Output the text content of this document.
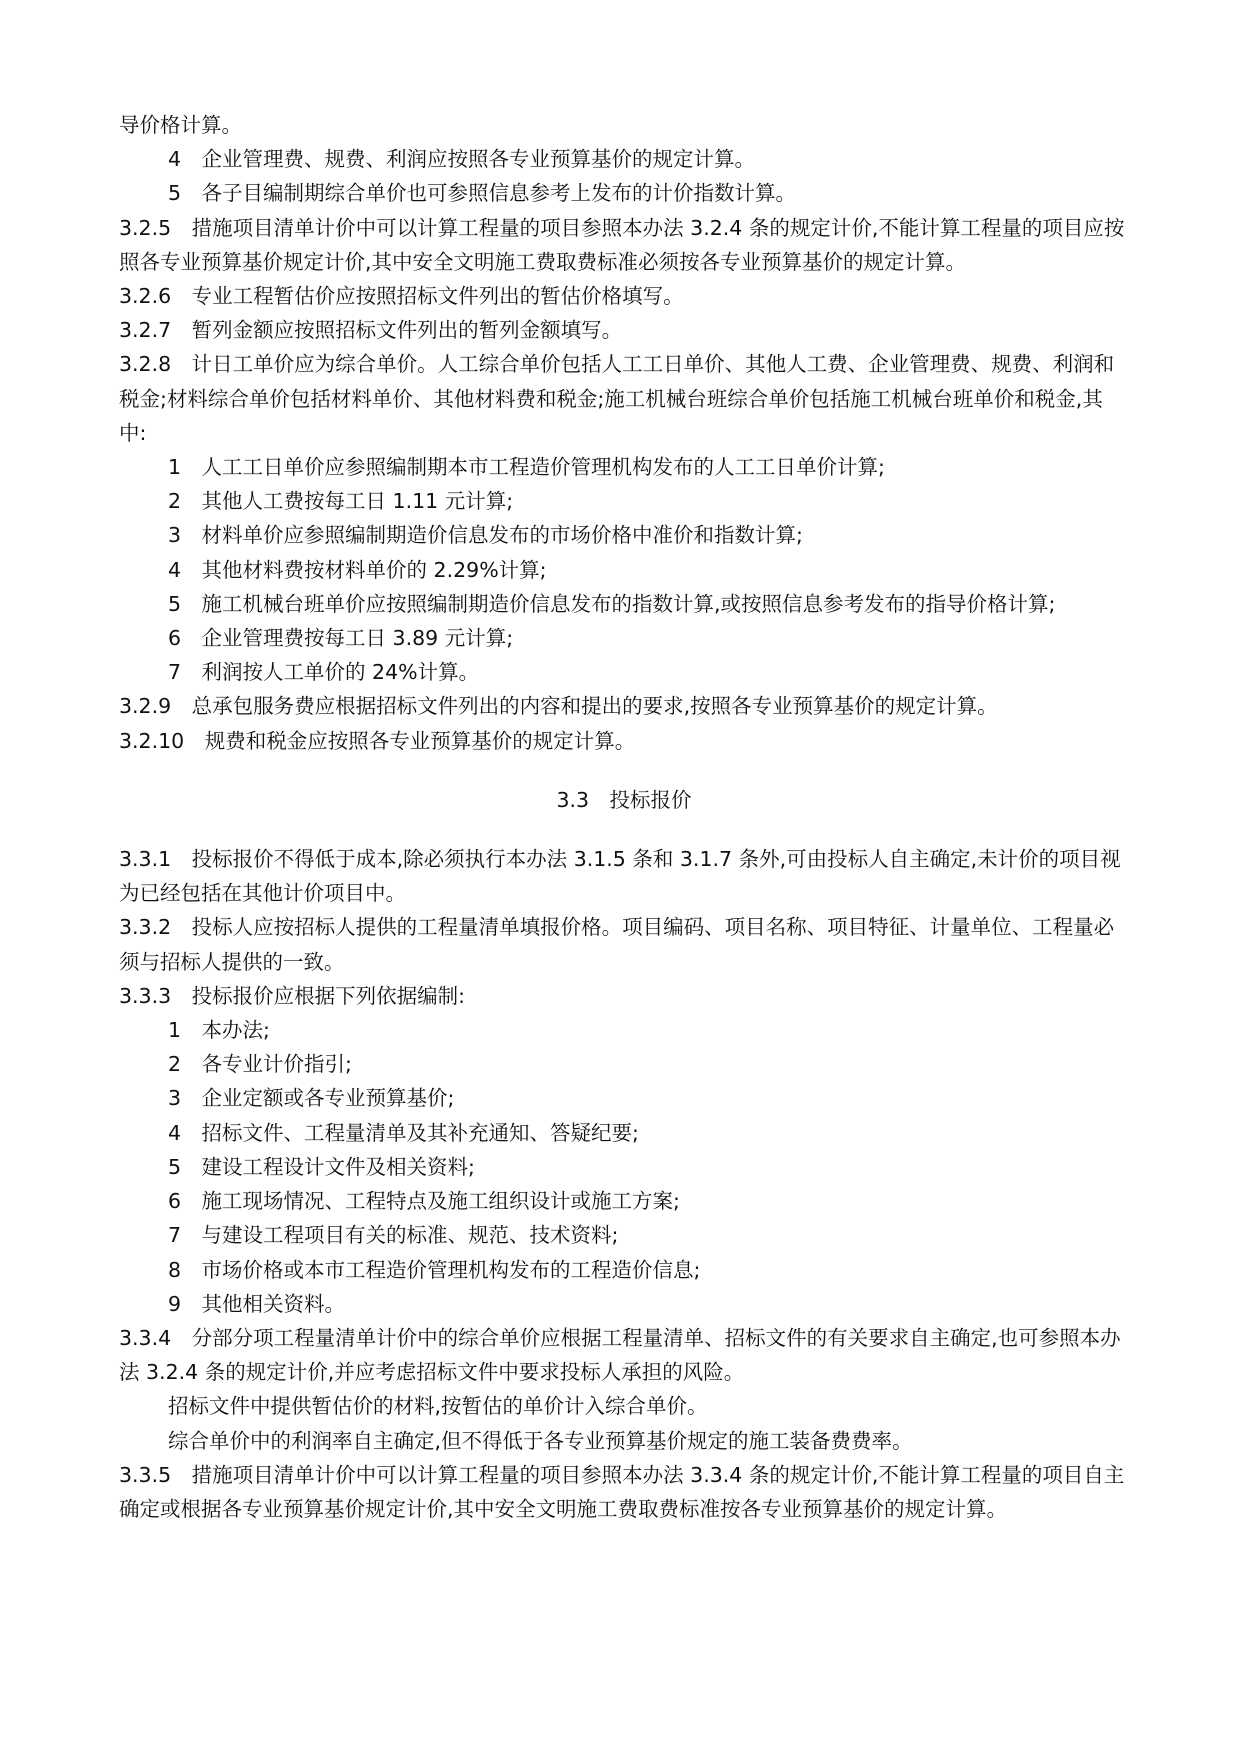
导价格计算。

4　企业管理费、规费、利润应按照各专业预算基价的规定计算。

5　各子目编制期综合单价也可参照信息参考上发布的计价指数计算。

3.2.5　措施项目清单计价中可以计算工程量的项目参照本办法 3.2.4 条的规定计价,不能计算工程量的项目应按照各专业预算基价规定计价,其中安全文明施工费取费标准必须按各专业预算基价的规定计算。

3.2.6　专业工程暂估价应按照招标文件列出的暂估价格填写。

3.2.7　暂列金额应按照招标文件列出的暂列金额填写。

3.2.8　计日工单价应为综合单价。人工综合单价包括人工工日单价、其他人工费、企业管理费、规费、利润和税金;材料综合单价包括材料单价、其他材料费和税金;施工机械台班综合单价包括施工机械台班单价和税金,其中:

1　人工工日单价应参照编制期本市工程造价管理机构发布的人工工日单价计算;

2　其他人工费按每工日 1.11 元计算;

3　材料单价应参照编制期造价信息发布的市场价格中准价和指数计算;

4　其他材料费按材料单价的 2.29%计算;

5　施工机械台班单价应按照编制期造价信息发布的指数计算,或按照信息参考发布的指导价格计算;

6　企业管理费按每工日 3.89 元计算;

7　利润按人工单价的 24%计算。

3.2.9　总承包服务费应根据招标文件列出的内容和提出的要求,按照各专业预算基价的规定计算。

3.2.10　规费和税金应按照各专业预算基价的规定计算。

3.3　投标报价

3.3.1　投标报价不得低于成本,除必须执行本办法 3.1.5 条和 3.1.7 条外,可由投标人自主确定,未计价的项目视为已经包括在其他计价项目中。

3.3.2　投标人应按招标人提供的工程量清单填报价格。项目编码、项目名称、项目特征、计量单位、工程量必须与招标人提供的一致。

3.3.3　投标报价应根据下列依据编制:

1　本办法;

2　各专业计价指引;

3　企业定额或各专业预算基价;

4　招标文件、工程量清单及其补充通知、答疑纪要;

5　建设工程设计文件及相关资料;

6　施工现场情况、工程特点及施工组织设计或施工方案;

7　与建设工程项目有关的标准、规范、技术资料;

8　市场价格或本市工程造价管理机构发布的工程造价信息;

9　其他相关资料。

3.3.4　分部分项工程量清单计价中的综合单价应根据工程量清单、招标文件的有关要求自主确定,也可参照本办法 3.2.4 条的规定计价,并应考虑招标文件中要求投标人承担的风险。

招标文件中提供暂估价的材料,按暂估的单价计入综合单价。

综合单价中的利润率自主确定,但不得低于各专业预算基价规定的施工装备费费率。

3.3.5　措施项目清单计价中可以计算工程量的项目参照本办法 3.3.4 条的规定计价,不能计算工程量的项目自主确定或根据各专业预算基价规定计价,其中安全文明施工费取费标准按各专业预算基价的规定计算。
